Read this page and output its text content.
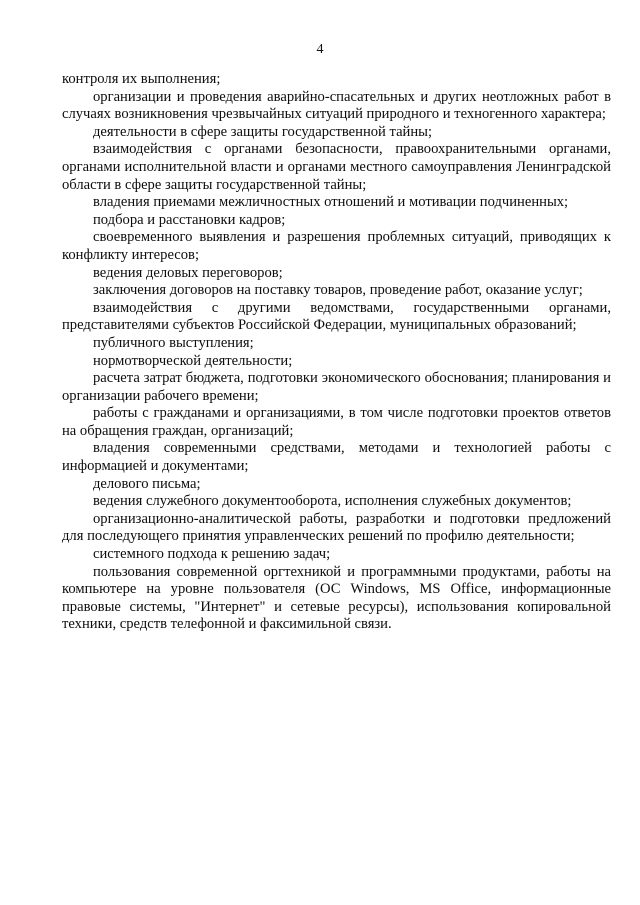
4

контроля их выполнения;

организации и проведения аварийно-спасательных и других неотложных работ в случаях возникновения чрезвычайных ситуаций природного и техногенного характера;

деятельности в сфере защиты государственной тайны;

взаимодействия с органами безопасности, правоохранительными органами, органами исполнительной власти и органами местного самоуправления Ленинградской области в сфере защиты государственной тайны;

владения приемами межличностных отношений и мотивации подчиненных;

подбора и расстановки кадров;

своевременного выявления и разрешения проблемных ситуаций, приводящих к конфликту интересов;

ведения деловых переговоров;

заключения договоров на поставку товаров, проведение работ, оказание услуг;

взаимодействия с другими ведомствами, государственными органами, представителями субъектов Российской Федерации, муниципальных образований;

публичного выступления;

нормотворческой деятельности;

расчета затрат бюджета, подготовки экономического обоснования; планирования и организации рабочего времени;

работы с гражданами и организациями, в том числе подготовки проектов ответов на обращения граждан, организаций;

владения современными средствами, методами и технологией работы с информацией и документами;

делового письма;

ведения служебного документооборота, исполнения служебных документов;

организационно-аналитической работы, разработки и подготовки предложений для последующего принятия управленческих решений по профилю деятельности;

системного подхода к решению задач;

пользования современной оргтехникой и программными продуктами, работы на компьютере на уровне пользователя (ОС Windows, MS Office, информационные правовые системы, "Интернет" и сетевые ресурсы), использования копировальной техники, средств телефонной и факсимильной связи.
